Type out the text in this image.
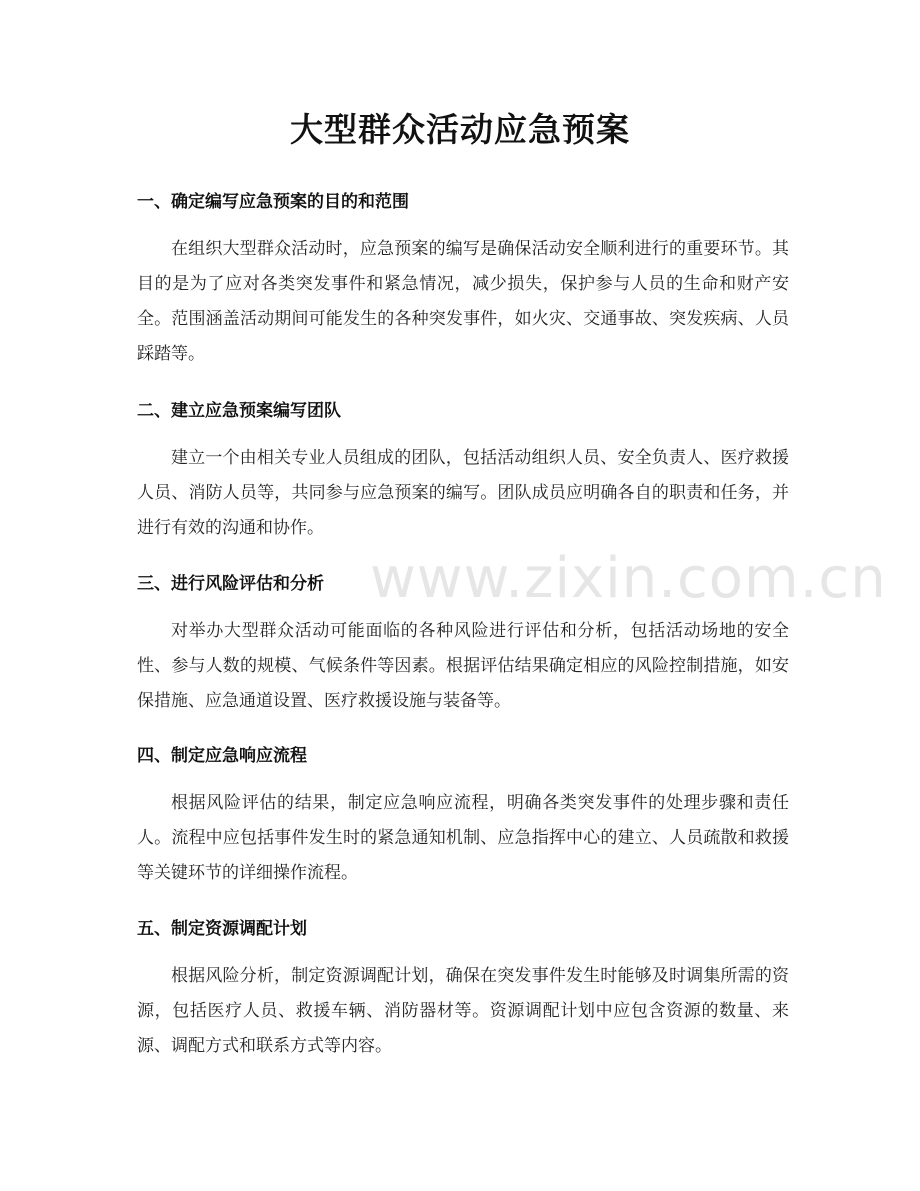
www.zixin.com.cn
大型群众活动应急预案
一、确定编写应急预案的目的和范围

在组织大型群众活动时，应急预案的编写是确保活动安全顺利进行的重要环节。其目的是为了应对各类突发事件和紧急情况，减少损失，保护参与人员的生命和财产安全。范围涵盖活动期间可能发生的各种突发事件，如火灾、交通事故、突发疾病、人员踩踏等。

二、建立应急预案编写团队

建立一个由相关专业人员组成的团队，包括活动组织人员、安全负责人、医疗救援人员、消防人员等，共同参与应急预案的编写。团队成员应明确各自的职责和任务，并进行有效的沟通和协作。

三、进行风险评估和分析

对举办大型群众活动可能面临的各种风险进行评估和分析，包括活动场地的安全性、参与人数的规模、气候条件等因素。根据评估结果确定相应的风险控制措施，如安保措施、应急通道设置、医疗救援设施与装备等。

四、制定应急响应流程

根据风险评估的结果，制定应急响应流程，明确各类突发事件的处理步骤和责任人。流程中应包括事件发生时的紧急通知机制、应急指挥中心的建立、人员疏散和救援等关键环节的详细操作流程。

五、制定资源调配计划

根据风险分析，制定资源调配计划，确保在突发事件发生时能够及时调集所需的资源，包括医疗人员、救援车辆、消防器材等。资源调配计划中应包含资源的数量、来源、调配方式和联系方式等内容。
